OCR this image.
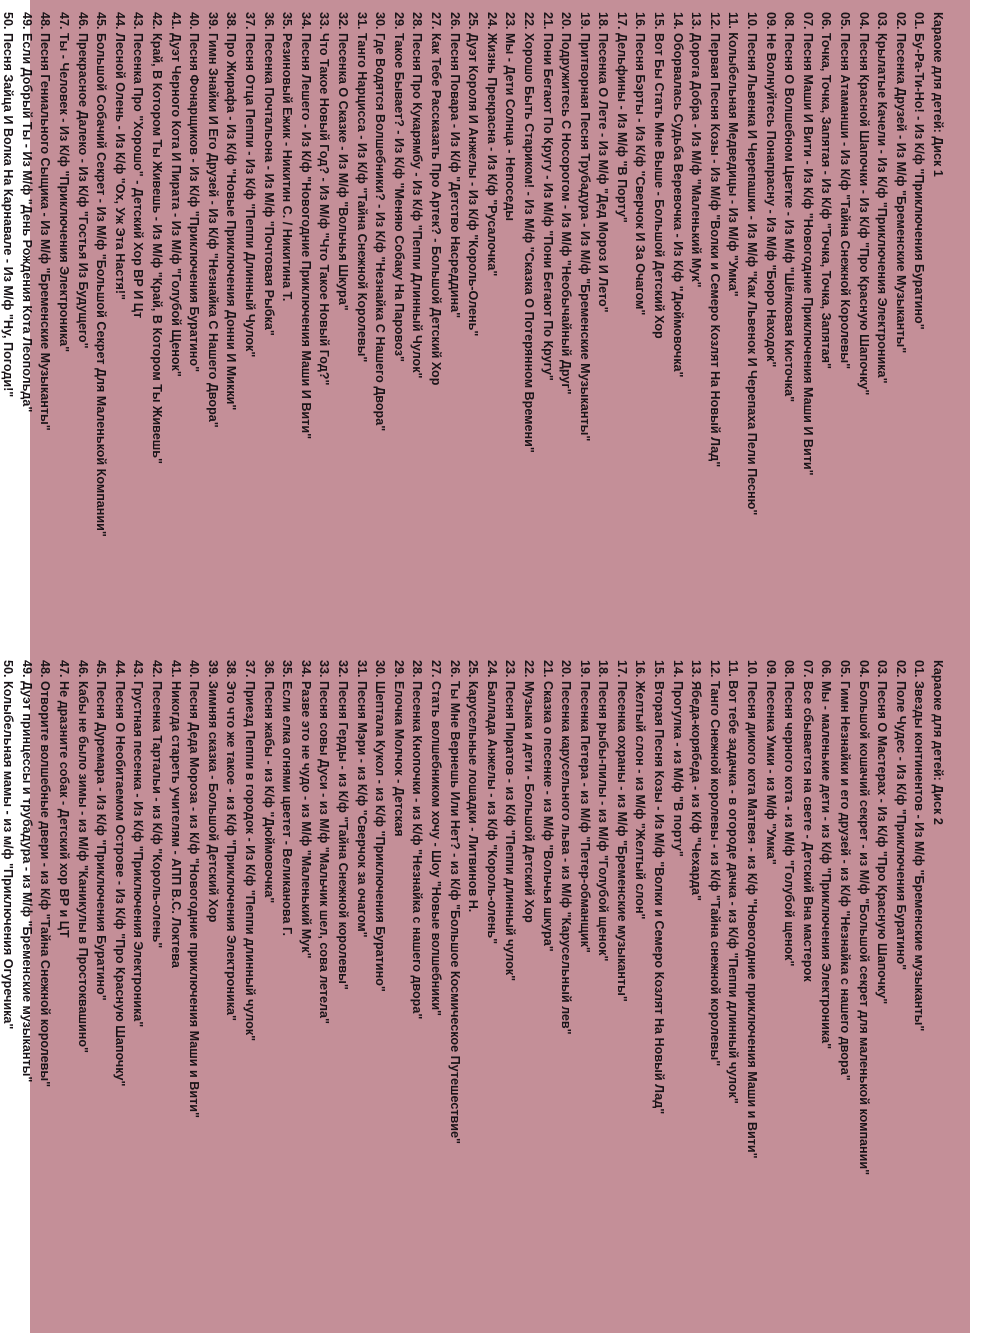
Караоке для детей: Диск 1
01. Бу-Ра-Ти-Но! - Из К/ф "Приключения Буратино"
02. Песенка Друзей - Из М/ф "Бременские Музыканты"
03. Крылатые Качели - Из К/ф "Приключения Электроника"
04. Песня Красной Шапочки - Из К/ф "Про Красную Шапочку"
05. Песня Атаманши - Из К/ф "Тайна Снежной Королевы"
06. Точка, Точка, Запятая - Из К/ф "Точка, Точка, Запятая"
07. Песня Маши И Вити - Из К/ф "Новогодние Приключения Маши И Вити"
08. Песня О Волшебном Цветке - Из М/ф "Шёлковая Кисточка"
09. Не Волнуйтесь Понапрасну - Из М/ф "Бюро Находок"
10. Песня Львенка И Черепашки - Из М/ф "Как Львенок И Черепаха Пели Песню"
11. Колыбельная Медведицы - Из М/ф "Умка"
12. Первая Песня Козы - Из М/ф "Волки и Семеро Козлят На Новый Лад"
13. Дорога Добра - Из М/ф "Маленький Мук"
14. Оборвалась Судьба Веревочка - Из К/ф "Дюймовочка"
15. Вот Бы Стать Мне Выше - Большой Детский Хор
16. Песня Бэрты - Из К/ф "Сверчок И За Очагом"
17. Дельфины - Из М/ф "В Порту"
18. Песенка О Лете - Из М/ф "Дед Мороз И Лето"
19. Притворная Песня Трубадура - Из М/ф "Бременские Музыканты"
20. Подружитесь С Носорогом - Из М/ф "Необычайный Друг"
21. Пони Бегают По Кругу - Из М/ф "Пони Бегают По Кругу"
22. Хорошо Быть Стариком! - Из М/ф "Сказка О Потерянном Времени"
23. Мы - Дети Солнца - Непоседы
24. Жизнь Прекрасна - Из К/ф "Русалочка"
25. Дуэт Короля И Анжелы - Из К/ф "Король-Олень"
26. Песня Повара - Из К/ф "Детство Насреддина"
27. Как Тебе Рассказать Про Артек? - Большой Детский Хор
28. Песня Про Кукарямбу - Из К/ф "Пеппи Длинный Чулок"
29. Такое Бывает? - Из К/ф "Меняю Собаку На Паровоз"
30. Где Водятся Волшебники? - Из К/ф "Незнайка С Нашего Двора"
31. Танго Нарцисса - Из К/ф "Тайна Снежной Королевы"
32. Песенка О Сказке - Из М/ф "Вольчья Шкура"
33. Что Такое Новый Год? - Из М/ф "Что Такое Новый Год?"
34. Песня Лешего - Из К/ф "Новогодние Приключения Маши И Вити"
35. Резиновый Ежик - Никитин С. / Никитина Т.
36. Песенка Почтальона - Из М/ф "Почтовая Рыбка"
37. Песня Отца Пеппи - Из К/ф "Пеппи Длинный Чулок"
38. Про Жирафа - Из К/ф "Новые Приключения Донни И Микки"
39. Гимн Знайки И Его Друзей - Из К/ф "Незнайка С Нашего Двора"
40. Песня Фонарщиков - Из К/ф "Приключения Буратино"
41. Дуэт Черного Кота И Пирата - Из М/ф "Голубой Щенок"
42. Край, В Котором Ты Живешь - Из М/ф "Край, В Котором Ты Живешь"
43. Песенка Про "Хорошо" - Детский Хор ВР И Цт
44. Лесной Олень - Из К/ф "Ох, Уж Эта Настя!"
45. Большой Собачий Секрет - Из М/ф "Большой Секрет Для Маленькой Компании"
46. Прекрасное Далеко - Из К/ф "Гостья Из Будущего"
47. Ты - Человек - Из К/ф "Приключения Электроника"
48. Песня Гениального Сыщика - Из М/ф "Бременские Музыканты"
49. Если Добрый Ты - Из М/ф "День Рождения Кота Леопольда"
50. Песня Зайца И Волка На Карнавале - Из М/ф "Ну, Погоди!"
Караоке для детей: Диск 2
01. Звезды континентов - Из М/ф "Бременские музыканты"
02. Поле Чудес - Из К/ф "Приключения Буратино"
03. Песня О Мастерах - Из К/ф "Про Красную Шапочку"
04. Большой кошачий секрет - из М/ф "Большой секрет для маленькой компании"
05. Гимн Незнайки и его друзей - из К/ф "Незнайка с нашего двора"
06. Мы - маленькие дети - из К/ф "Приключения Электроника"
07. Все сбывается на свете - Детский Вна мастерок
08. Песня черного кота - из М/ф "Голубой щенок"
09. Песенка Умки - из М/ф "Умка"
10. Песня дикого кота Матвея - из К/ф "Новогодние приключения Маши и Вити"
11. Вот тебе задачка - в огороде дачка - из К/ф "Пеппи длинный чулок"
12. Танго Снежной королевы - из К/ф "Тайна снежной королевы"
13. Ябеда-корябеда - из К/ф "Чехарда"
14. Прогулка - из М/ф "В порту"
15. Вторая Песня Козы - Из М/ф "Волки и Семеро Козлят На Новый Лад"
16. Желтый слон - из М/ф "Желтый слон"
17. Песенка охраны - из М/ф "Бременские музыканты"
18. Песня рыбы-пилы - из М/ф "Голубой щенок"
19. Песенка Петера - из М/ф "Петер-обманщик"
20. Песенка карусельного льва - из М/ф "Карусельный лев"
21. Сказка о песенке - из М/ф "Вольчья шкура"
22. Музыка и дети - Большой Детский Хор
23. Песня Пиратов - из К/ф "Пеппи длинный чулок"
24. Баллада Анжелы - из К/ф "Король-олень"
25. Карусельные лошадки - Литвинов Н.
26. Ты Мне Вернешь Или Нет? - из К/ф "Большое Космическое Путешествие"
27. Стать волшебником хочу - Шоу "Новые волшебники"
28. Песенка Кнопочки - из К/ф "Незнайка с нашего двора"
29. Елочка Молчок - Детская
30. Шептала Кукол - из К/ф "Приключения Буратино"
31. Песня Мэри - из К/ф "Сверчок за очагом"
32. Песня Герды - из К/ф "Тайна Снежной королевы"
33. Песня совы Дуси - из М/ф "Мальчик шел, сова летела"
34. Разве это не чудо - из М/ф "Маленький Мук"
35. Если елка огнями цветет - Великанова Г.
36. Песня жабы - из К/ф "Дюймовочка"
37. Приезд Пеппи в городок - Из К/ф "Пеппи длинный чулок"
38. Это что же такое - из К/ф "Приключения Электроника"
39. Зимняя сказка - Большой Детский Хор
40. Песня Деда Мороза - из К/ф "Новогодние приключения Маши и Вити"
41. Никогда стареть учителям - АПП В.С. Локтева
42. Песенка Тартальи - из К/ф "Король-олень"
43. Грустная песенка - Из К/ф "Приключения Электроника"
44. Песня О Необитаемом Острове - Из К/ф "Про Красную Шапочку"
45. Песня Дуремара - Из К/ф "Приключения Буратино"
46. Кабы не было зимы - из М/ф "Каникулы в Простоквашино"
47. Не дразните собак - Детский хор ВР и ЦТ
48. Отворите волшебные двери - из К/ф "Тайна Снежной королевы"
49. Дуэт принцессы и трубадура - из М/ф "Бременские музыканты"
50. Колыбельная мамы - из м/ф "Приключения Огуречика"
